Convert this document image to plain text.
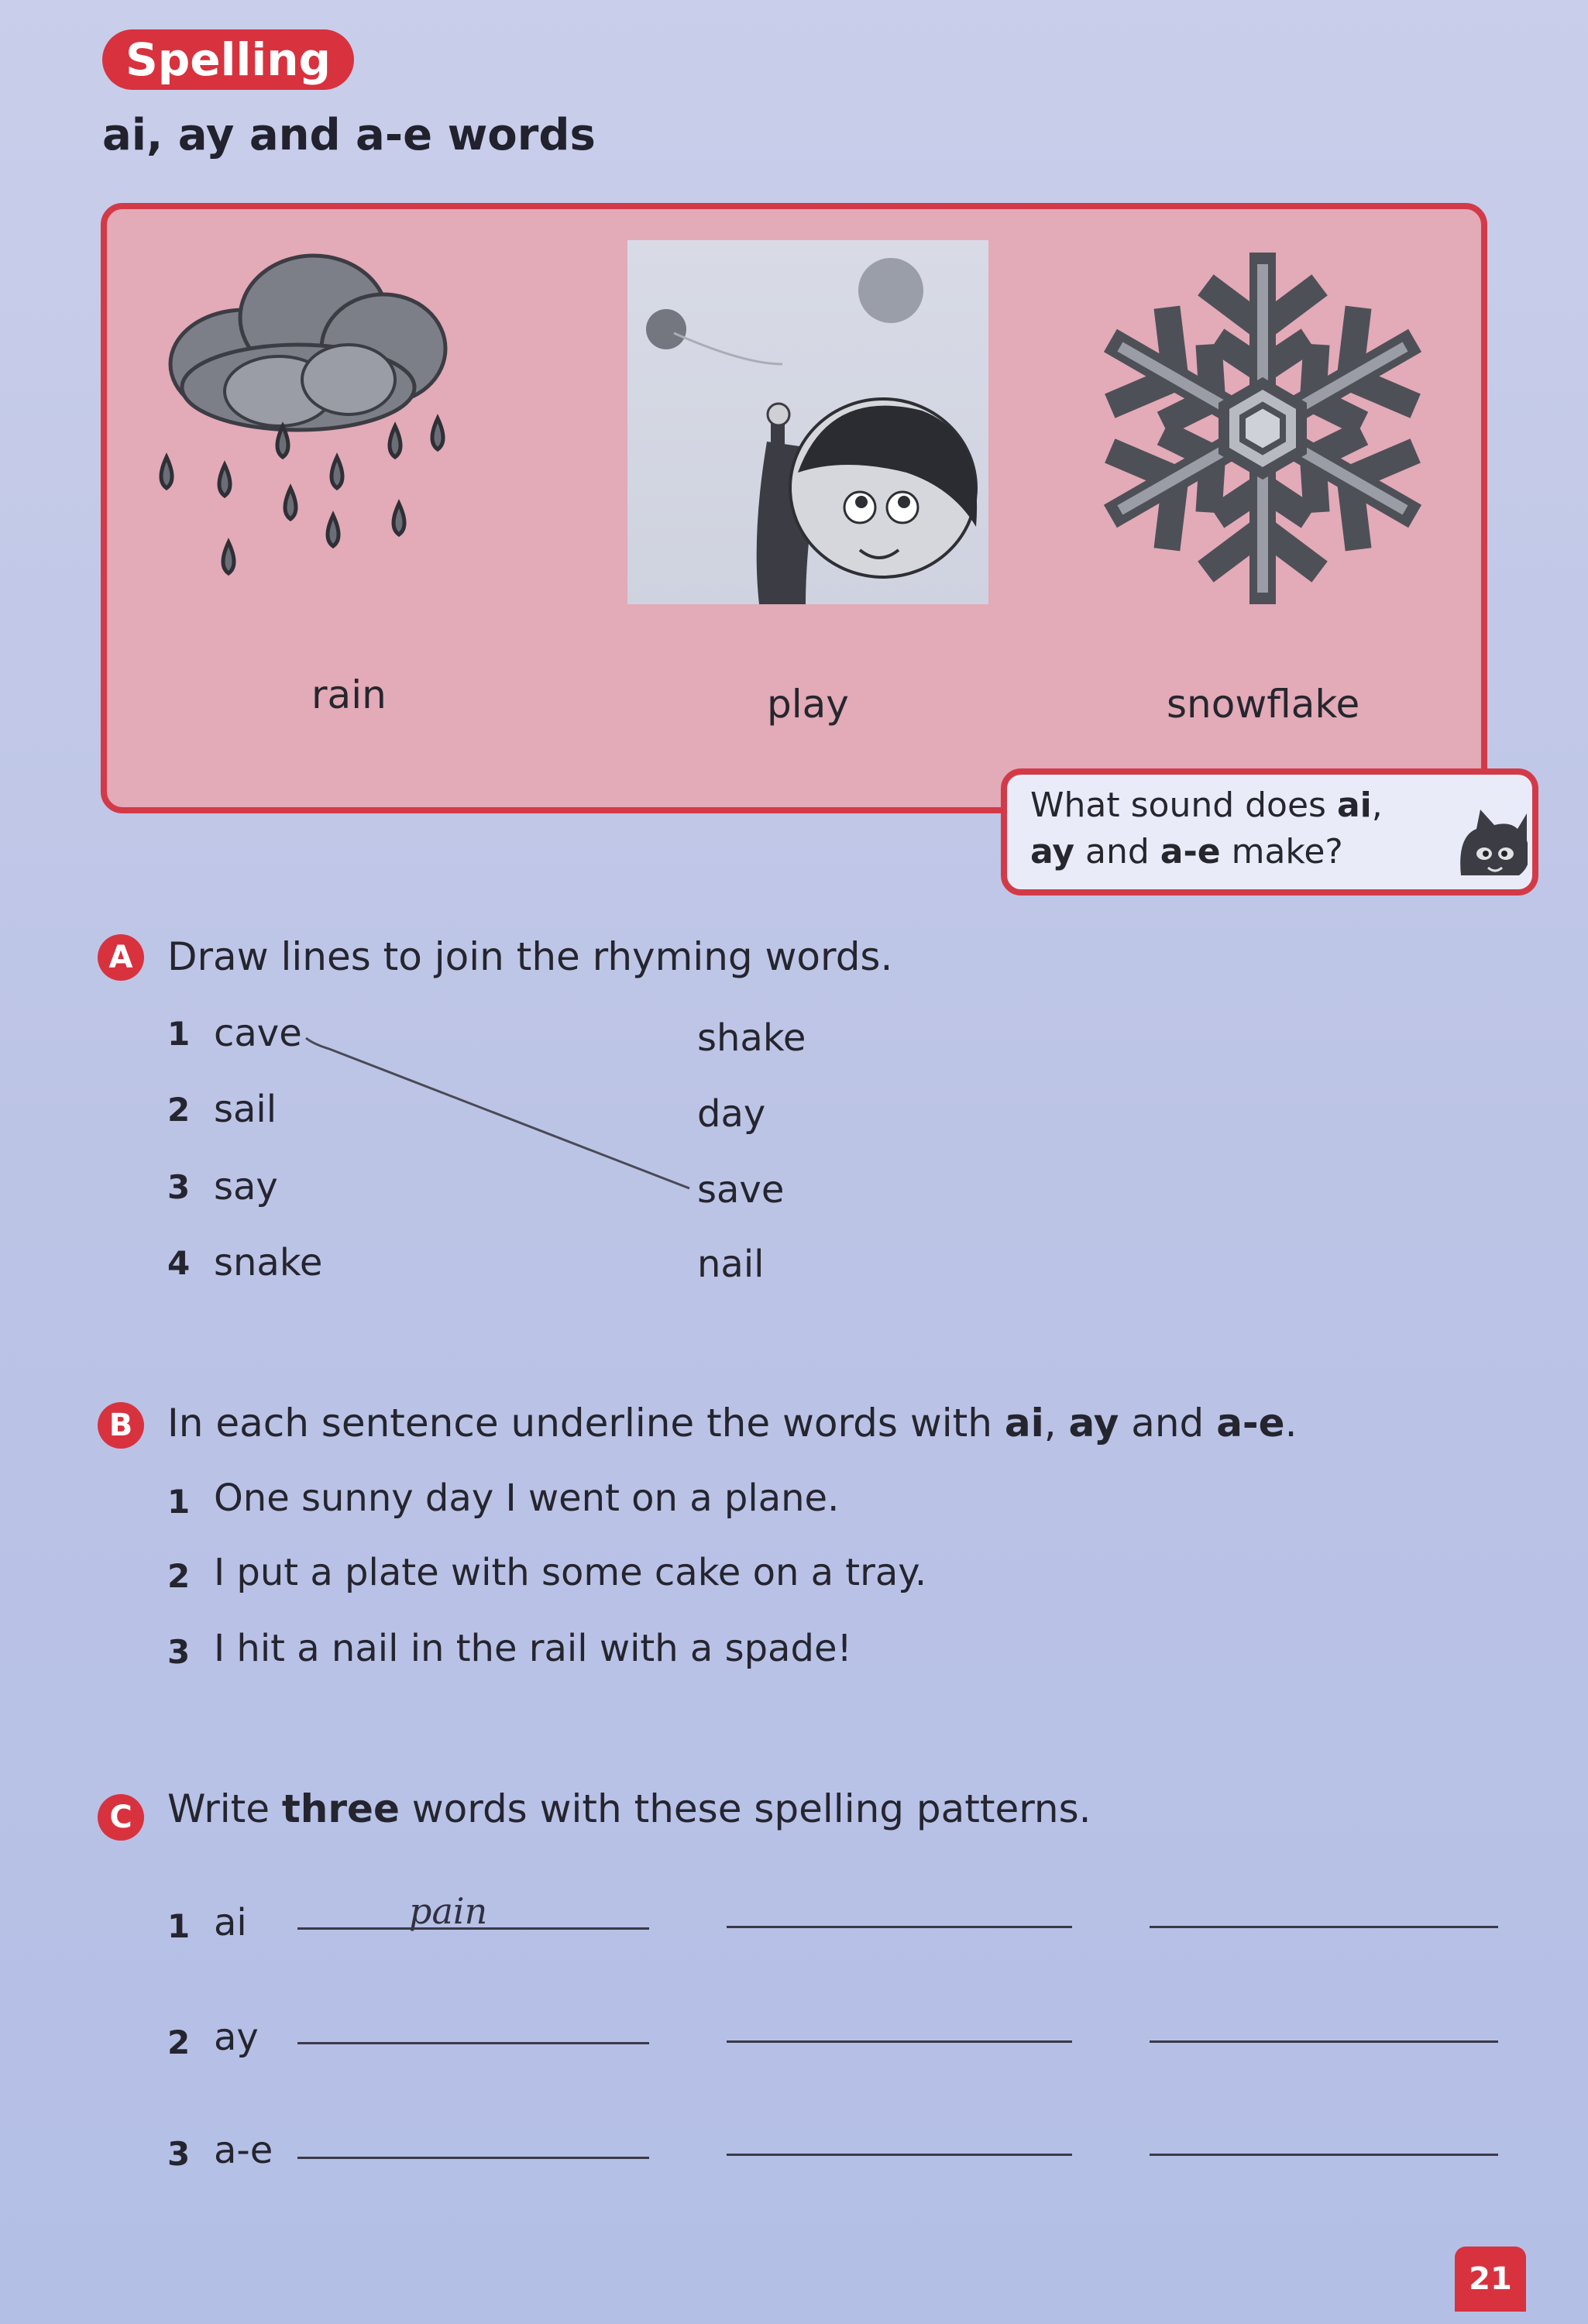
Spelling
ai, ay and a-e words
rain	play	snowflake
What sound does ai,
ay and a-e make?
A Draw lines to join the rhyming words.
1 cave
2 sail
3 say
4 snake
shake
day
save
nail
B In each sentence underline the words with ai, ay and a-e.
1 One sunny day I went on a plane.
2 I put a plate with some cake on a tray.
3 I hit a nail in the rail with a spade!
C Write three words with these spelling patterns.
1 ai	pain
2 ay
3 a-e
21
